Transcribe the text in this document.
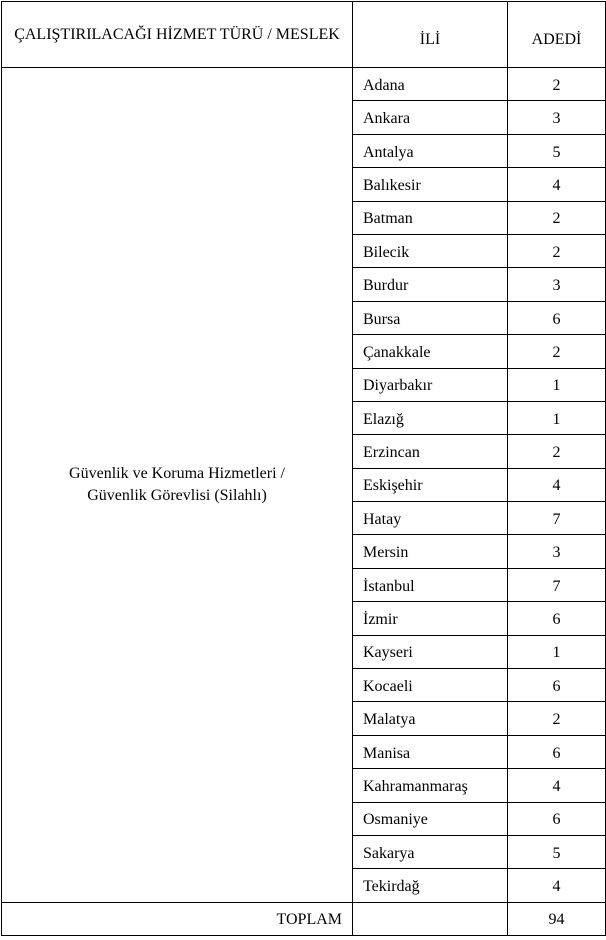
ÇALIŞTIRILACAĞI HİZMET TÜRÜ / MESLEK	İLİ	ADEDİ

Güvenlik ve Koruma Hizmetleri /
Güvenlik Görevlisi (Silahlı)	Adana	2
	Ankara	3
	Antalya	5
	Balıkesir	4
	Batman	2
	Bilecik	2
	Burdur	3
	Bursa	6
	Çanakkale	2
	Diyarbakır	1
	Elazığ	1
	Erzincan	2
	Eskişehir	4
	Hatay	7
	Mersin	3
	İstanbul	7
	İzmir	6
	Kayseri	1
	Kocaeli	6
	Malatya	2
	Manisa	6
	Kahramanmaraş	4
	Osmaniye	6
	Sakarya	5
	Tekirdağ	4
TOPLAM		94
